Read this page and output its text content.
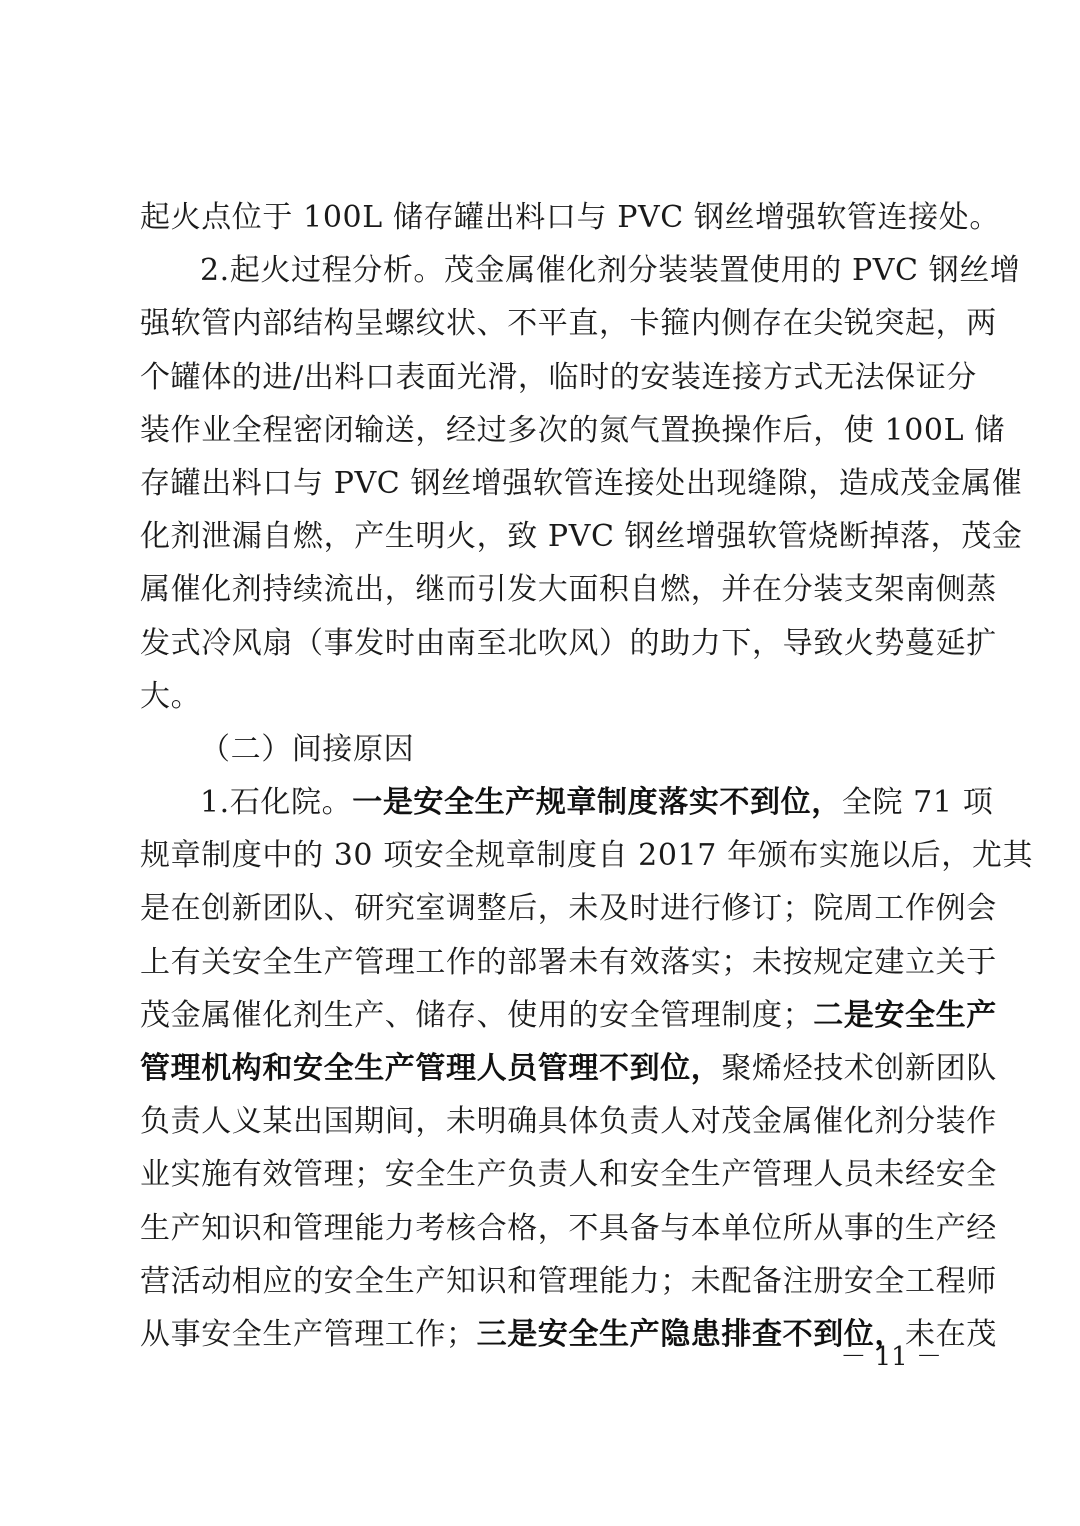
起火点位于 100L 储存罐出料口与 PVC 钢丝增强软管连接处。
2.起火过程分析。茂金属催化剂分装装置使用的 PVC 钢丝增
强软管内部结构呈螺纹状、不平直，卡箍内侧存在尖锐突起，两
个罐体的进/出料口表面光滑，临时的安装连接方式无法保证分
装作业全程密闭输送，经过多次的氮气置换操作后，使 100L 储
存罐出料口与 PVC 钢丝增强软管连接处出现缝隙，造成茂金属催
化剂泄漏自燃，产生明火，致 PVC 钢丝增强软管烧断掉落，茂金
属催化剂持续流出，继而引发大面积自燃，并在分装支架南侧蒸
发式冷风扇（事发时由南至北吹风）的助力下，导致火势蔓延扩
大。
（二）间接原因
1.石化院。一是安全生产规章制度落实不到位，全院 71 项
规章制度中的 30 项安全规章制度自 2017 年颁布实施以后，尤其
是在创新团队、研究室调整后，未及时进行修订；院周工作例会
上有关安全生产管理工作的部署未有效落实；未按规定建立关于
茂金属催化剂生产、储存、使用的安全管理制度；二是安全生产
管理机构和安全生产管理人员管理不到位，聚烯烃技术创新团队
负责人义某出国期间，未明确具体负责人对茂金属催化剂分装作
业实施有效管理；安全生产负责人和安全生产管理人员未经安全
生产知识和管理能力考核合格，不具备与本单位所从事的生产经
营活动相应的安全生产知识和管理能力；未配备注册安全工程师
从事安全生产管理工作；三是安全生产隐患排查不到位，未在茂
－ 11 －
